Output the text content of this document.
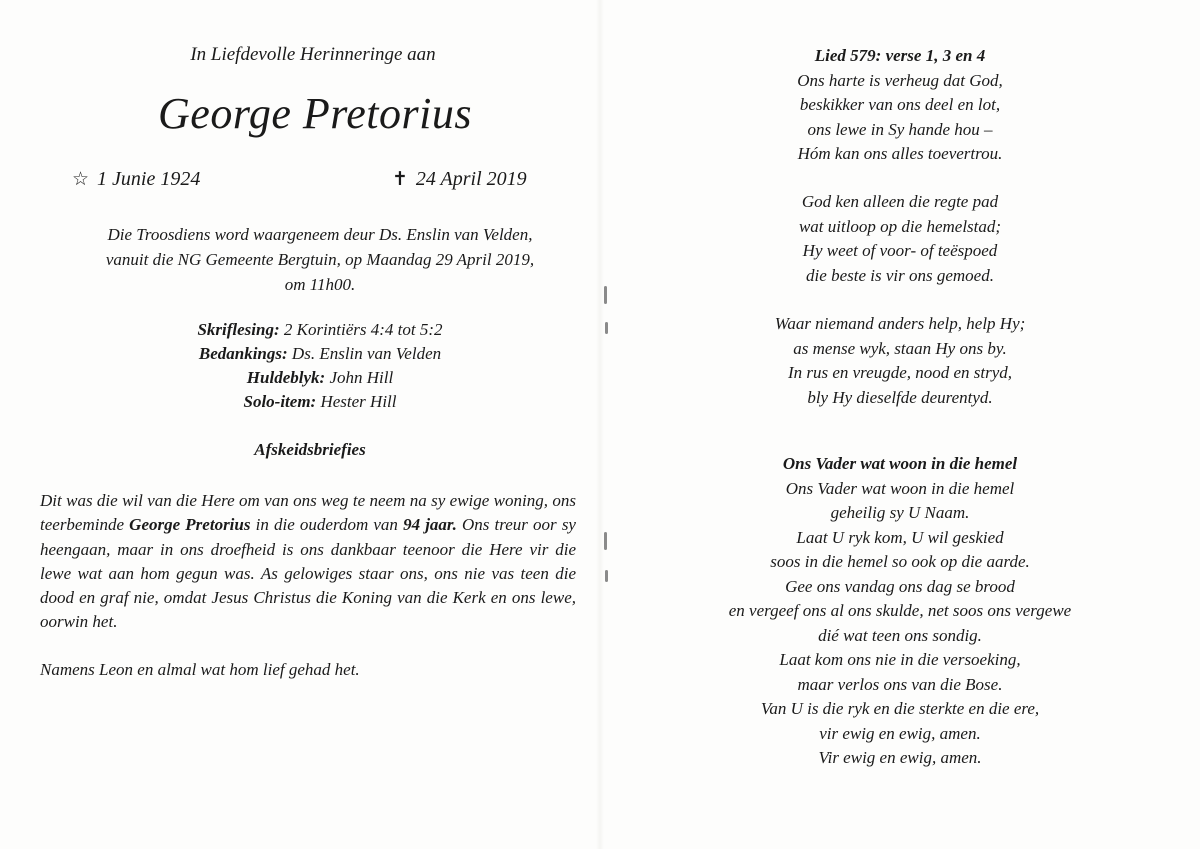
In Liefdevolle Herinneringe aan
George Pretorius
☆ 1 Junie 1924	✝ 24 April 2019
Die Troosdiens word waargeneem deur Ds. Enslin van Velden,
vanuit die NG Gemeente Bergtuin, op Maandag 29 April 2019,
om 11h00.
Skriflesing: 2 Korintiërs 4:4 tot 5:2
Bedankings: Ds. Enslin van Velden
Huldeblyk: John Hill
Solo-item: Hester Hill
Afskeidsbriefies
Dit was die wil van die Here om van ons weg te neem na sy ewige woning, ons teerbeminde George Pretorius in die ouderdom van 94 jaar. Ons treur oor sy heengaan, maar in ons droefheid is ons dankbaar teenoor die Here vir die lewe wat aan hom gegun was. As gelowiges staar ons, ons nie vas teen die dood en graf nie, omdat Jesus Christus die Koning van die Kerk en ons lewe, oorwin het.
Namens Leon en almal wat hom lief gehad het.
Lied 579: verse 1, 3 en 4
Ons harte is verheug dat God,
beskikker van ons deel en lot,
ons lewe in Sy hande hou –
Hóm kan ons alles toevertrou.
God ken alleen die regte pad
wat uitloop op die hemelstad;
Hy weet of voor- of teëspoed
die beste is vir ons gemoed.
Waar niemand anders help, help Hy;
as mense wyk, staan Hy ons by.
In rus en vreugde, nood en stryd,
bly Hy dieselfde deurentyd.
Ons Vader wat woon in die hemel
Ons Vader wat woon in die hemel
geheilig sy U Naam.
Laat U ryk kom, U wil geskied
soos in die hemel so ook op die aarde.
Gee ons vandag ons dag se brood
en vergeef ons al ons skulde, net soos ons vergewe
dié wat teen ons sondig.
Laat kom ons nie in die versoeking,
maar verlos ons van die Bose.
Van U is die ryk en die sterkte en die ere,
vir ewig en ewig, amen.
Vir ewig en ewig, amen.
